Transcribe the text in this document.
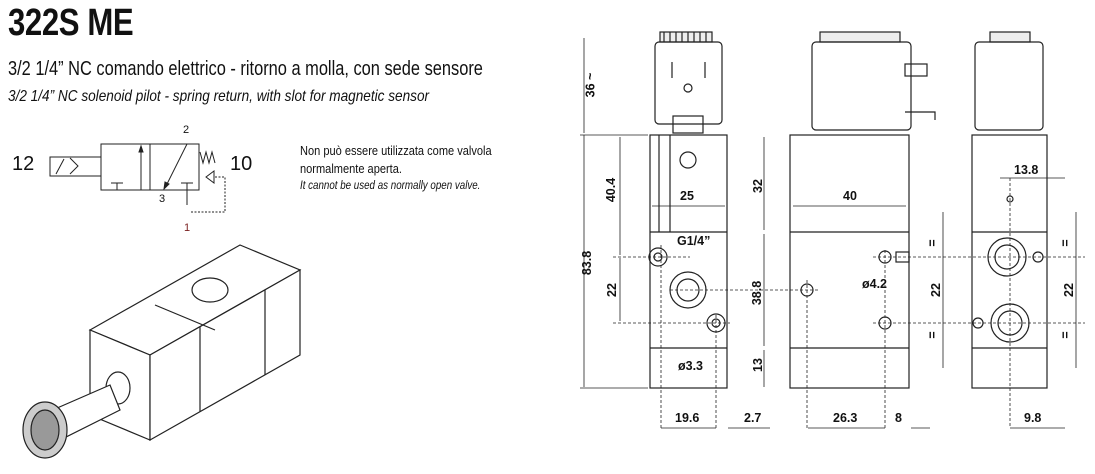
322S ME
3/2 1/4” NC comando elettrico - ritorno a molla, con sede sensore
3/2 1/4” NC solenoid pilot - spring return, with slot for magnetic sensor
12	10
2
3
1
Non può essere utilizzata come valvola
normalmente aperta.
It cannot be used as normally open valve.
36 ~
83.8
40.4
22
25
32
G1/4”
38.8
13
ø3.3
19.6	2.7
40
ø4.2	22
26.3	8
13.8
22
9.8
=
=
=
=
